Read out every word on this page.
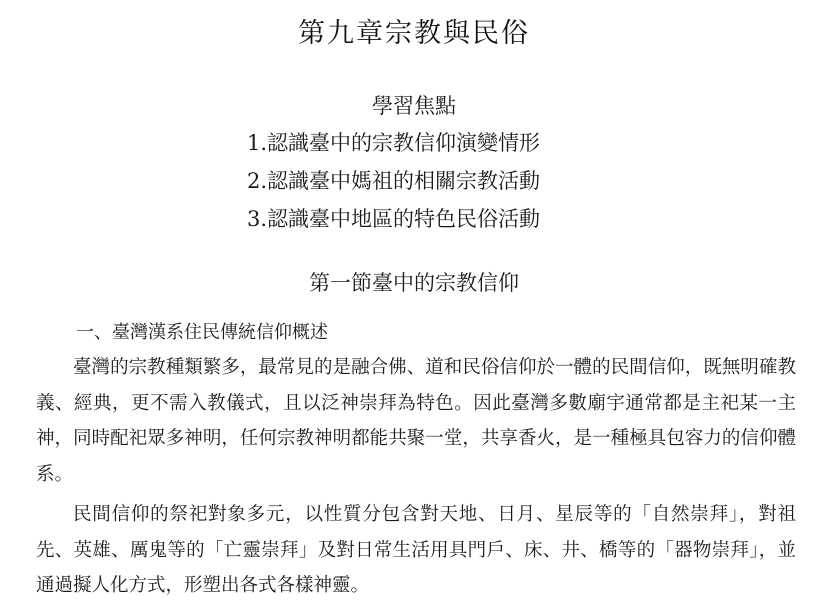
第九章宗教與民俗
學習焦點
1.認識臺中的宗教信仰演變情形
2.認識臺中媽祖的相關宗教活動
3.認識臺中地區的特色民俗活動
第一節臺中的宗教信仰
一、臺灣漢系住民傳統信仰概述

臺灣的宗教種類繁多，最常見的是融合佛、道和民俗信仰於一體的民間信仰，既無明確教義、經典，更不需入教儀式，且以泛神崇拜為特色。因此臺灣多數廟宇通常都是主祀某一主神，同時配祀眾多神明，任何宗教神明都能共聚一堂，共享香火，是一種極具包容力的信仰體系。

民間信仰的祭祀對象多元，以性質分包含對天地、日月、星辰等的「自然崇拜」，對祖先、英雄、厲鬼等的「亡靈崇拜」及對日常生活用具門戶、床、井、橋等的「器物崇拜」，並通過擬人化方式，形塑出各式各樣神靈。
